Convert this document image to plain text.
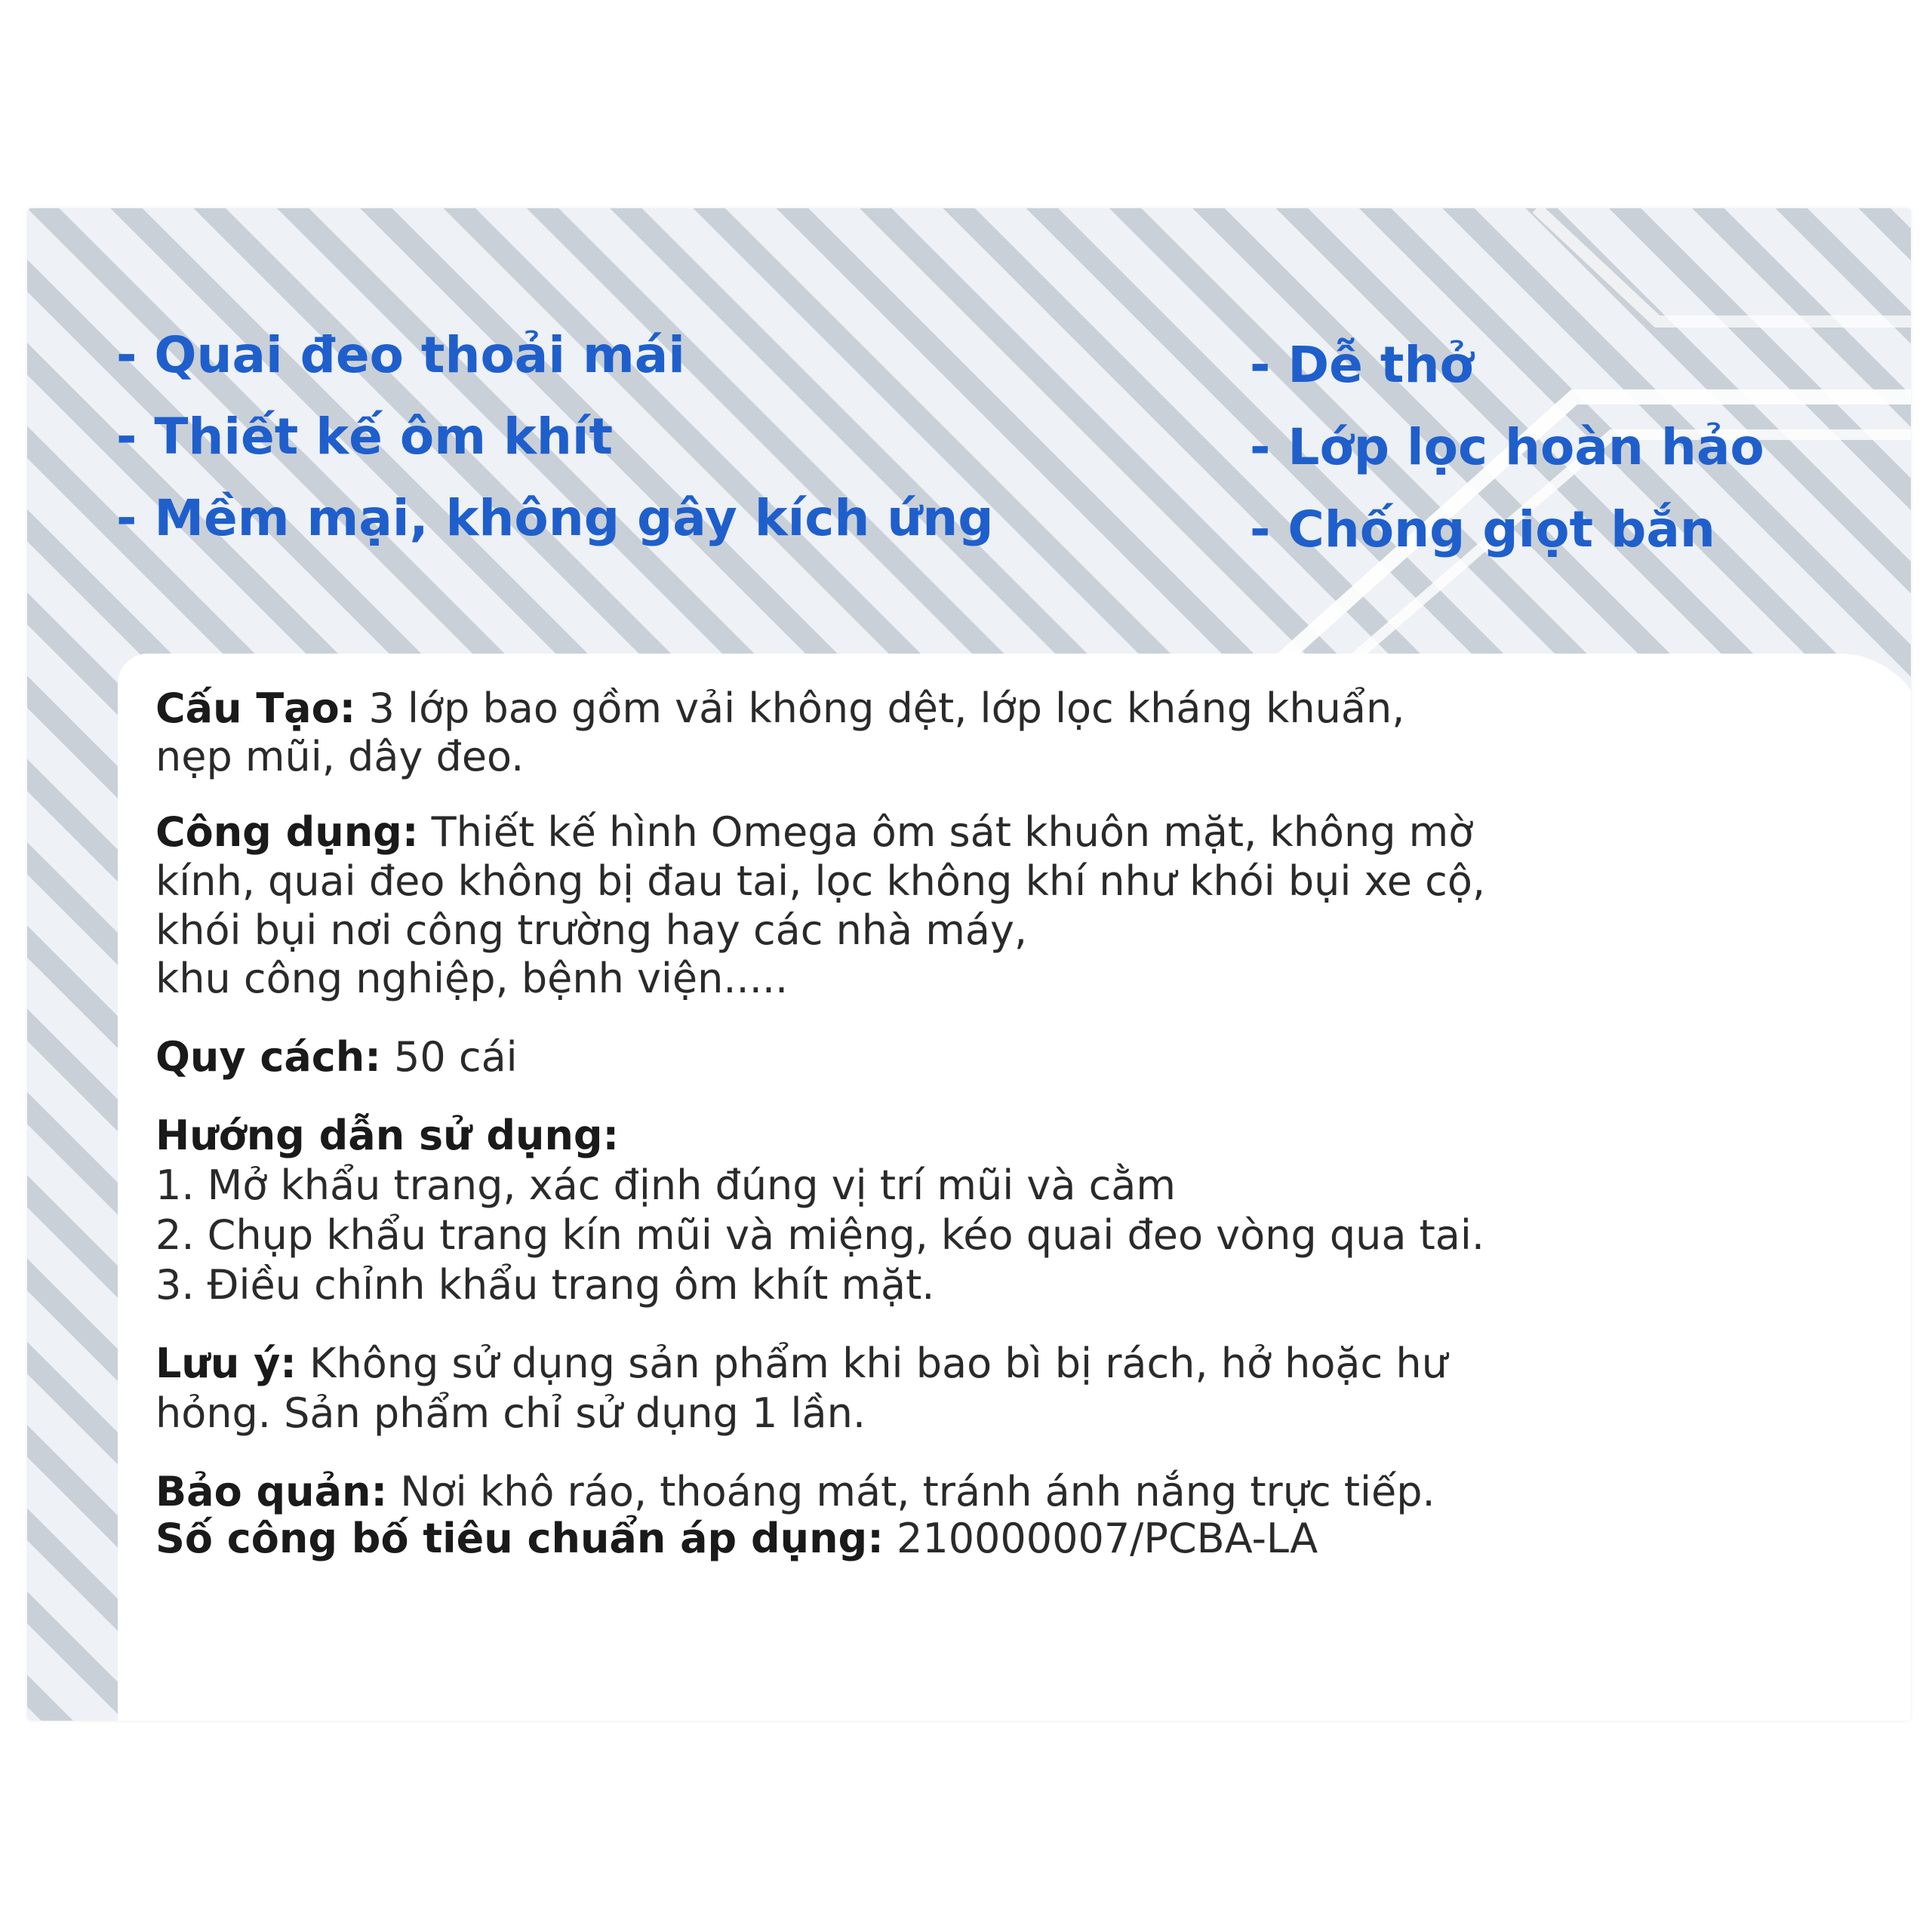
- Quai đeo thoải mái
- Thiết kế ôm khít
- Mềm mại, không gây kích ứng
- Dễ thở
- Lớp lọc hoàn hảo
- Chống giọt bắn
Cấu Tạo: 3 lớp bao gồm vải không dệt, lớp lọc kháng khuẩn,
nẹp mũi, dây đeo.
Công dụng: Thiết kế hình Omega ôm sát khuôn mặt, không mờ
kính, quai đeo không bị đau tai, lọc không khí như khói bụi xe cộ,
khói bụi nơi công trường hay các nhà máy,
khu công nghiệp, bệnh viện.....
Quy cách: 50 cái
Hướng dẫn sử dụng:
1. Mở khẩu trang, xác định đúng vị trí mũi và cằm
2. Chụp khẩu trang kín mũi và miệng, kéo quai đeo vòng qua tai.
3. Điều chỉnh khẩu trang ôm khít mặt.
Lưu ý: Không sử dụng sản phẩm khi bao bì bị rách, hở hoặc hư
hỏng. Sản phẩm chỉ sử dụng 1 lần.
Bảo quản: Nơi khô ráo, thoáng mát, tránh ánh nắng trực tiếp.
Số công bố tiêu chuẩn áp dụng: 210000007/PCBA-LA
